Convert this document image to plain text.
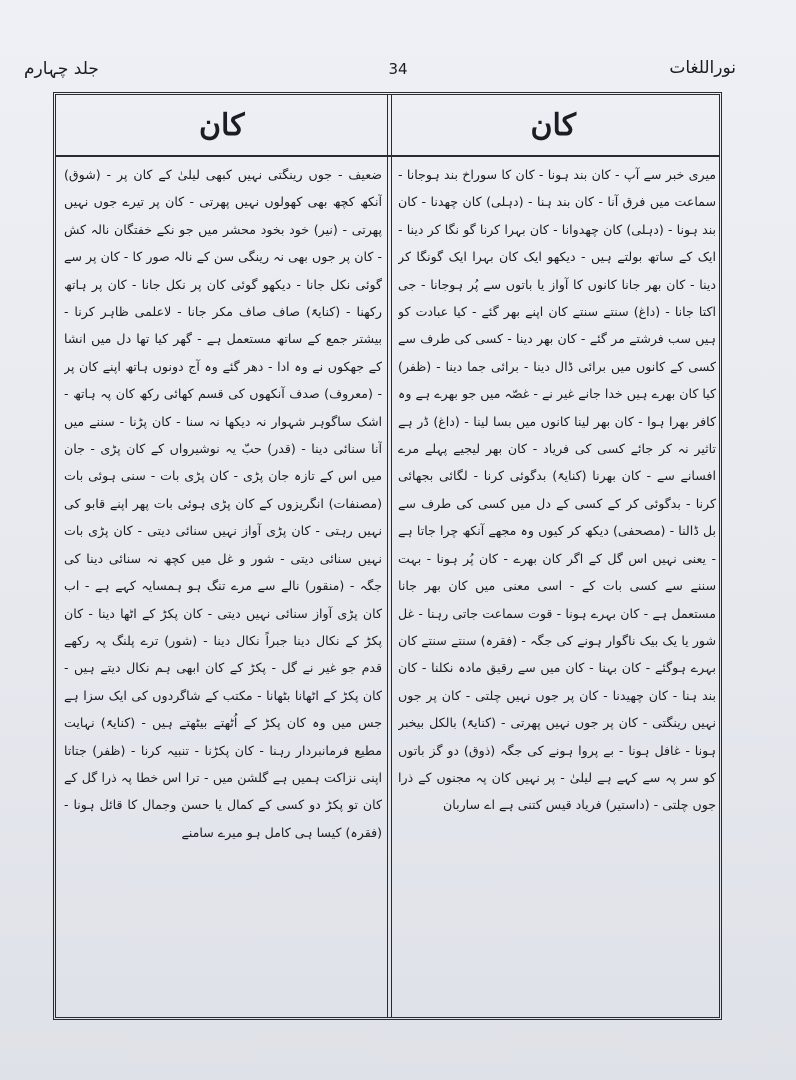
جلد چہارم	34	نوراللغات
کان	کان

میری خبر سے آپ - کان بند ہونا - کان کا سوراخ بند ہوجانا - سماعت میں فرق آنا - کان بند ہنا - (دہلی) کان چھدنا - کان بند ہونا - (دہلی) کان چھدوانا - کان بہرا کرنا گو نگا کر دینا - ایک کے ساتھ بولتے ہیں - دیکھو ایک کان بہرا ایک گونگا کر دینا - کان بھر جانا کانوں کا آواز یا باتوں سے پُر ہوجانا - جی اکتا جانا - (داغ) سنتے سنتے کان اپنے بھر گئے - کیا عبادت کو ہیں سب فرشتے مر گئے - کان بھر دینا - کسی کی طرف سے کسی کے کانوں میں برائی ڈال دینا - برائی جما دینا - (ظفر) کیا کان بھرے ہیں خدا جانے غیر نے - غصّہ میں جو بھرے ہے وہ کافر بھرا ہوا - کان بھر لینا کانوں میں بسا لینا - (داغ) ڈر ہے تاثیر نہ کر جائے کسی کی فریاد - کان بھر لیجیے پہلے مرے افسانے سے - کان بھرنا (کنایۃً) بدگوئی کرنا - لگائی بجھائی کرنا - بدگوئی کر کے کسی کے دل میں کسی کی طرف سے بل ڈالنا - (مصحفی) دیکھ کر کیوں وہ مجھے آنکھ چرا جاتا ہے - یعنی نہیں اس گل کے اگر کان بھرے - کان پُر ہونا - بہت سننے سے کسی بات کے - اسی معنی میں کان بھر جانا مستعمل ہے - کان بہرے ہونا - قوت سماعت جاتی رہنا - غل شور یا یک بیک ناگوار ہونے کی جگہ - (فقرہ) سنتے سنتے کان بہرے ہوگئے - کان بہنا - کان میں سے رقیق مادہ نکلنا - کان بند ہنا - کان چھیدنا - کان پر جوں نہیں چلتی - کان پر جوں نہیں رینگتی - کان پر جوں نہیں پھرتی - (کنایۃً) بالکل بیخبر ہونا - غافل ہونا - بے پروا ہونے کی جگہ (ذوق) دو گز باتوں کو سر پہ سے کہے ہے لیلیٰ - پر نہیں کان پہ مجنوں کے ذرا جوں چلتی - (داستیر) فریاد قیس کتنی ہے اے ساربان

ضعیف - جوں رینگتی نہیں کبھی لیلیٰ کے کان پر - (شوق) آنکھ کچھ بھی کھولوں نہیں پھرتی - کان پر تیرے جوں نہیں پھرتی - (نیر) خود بخود محشر میں جو نکے خفتگان نالہ کش - کان پر جوں بھی نہ رینگی سن کے نالہ صور کا - کان پر سے گوئی نکل جانا - دیکھو گوئی کان پر نکل جانا - کان پر ہاتھ رکھنا - (کنایۃً) صاف صاف مکر جانا - لاعلمی ظاہر کرنا - بیشتر جمع کے ساتھ مستعمل ہے - گھر کیا تھا دل میں انشا کے جھکوں نے وہ ادا - دھر گئے وہ آج دونوں ہاتھ اپنے کان پر - (معروف) صدف آنکھوں کی قسم کھائی رکھ کان پہ ہاتھ - اشک ساگوہر شہوار نہ دیکھا نہ سنا - کان پڑنا - سننے میں آنا سنائی دینا - (قدر) حبّ یہ نوشیرواں کے کان پڑی - جان میں اس کے تازہ جان پڑی - کان پڑی بات - سنی ہوئی بات (مصنفات) انگریزوں کے کان پڑی ہوئی بات پھر اپنے قابو کی نہیں رہتی - کان پڑی آواز نہیں سنائی دیتی - کان پڑی بات نہیں سنائی دیتی - شور و غل میں کچھ نہ سنائی دینا کی جگہ - (منقور) نالے سے مرے تنگ ہو ہمسایہ کہے ہے - اب کان پڑی آواز سنائی نہیں دیتی - کان پکڑ کے اٹھا دینا - کان پکڑ کے نکال دینا جبراً نکال دینا - (شور) ترے پلنگ پہ رکھے قدم جو غیر نے گل - پکڑ کے کان ابھی ہم نکال دیتے ہیں - کان پکڑ کے اٹھانا بٹھانا - مکتب کے شاگردوں کی ایک سزا ہے جس میں وہ کان پکڑ کے اُٹھتے بیٹھتے ہیں - (کنایۃً) نہایت مطیع فرمانبردار رہنا - کان پکڑنا - تنبیہ کرنا - (ظفر) جتاتا اپنی نزاکت ہمیں ہے گلشن میں - ترا اس خطا پہ ذرا گل کے کان تو پکڑ دو کسی کے کمال یا حسن وجمال کا قائل ہونا - (فقرہ) کیسا ہی کامل ہو میرے سامنے
